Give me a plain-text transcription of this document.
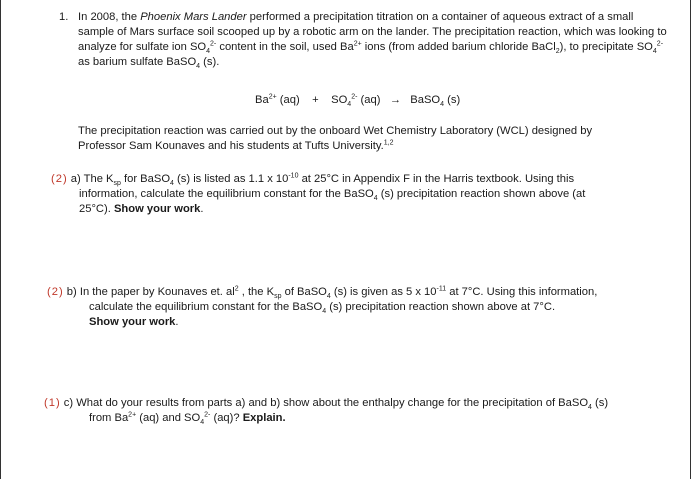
1. In 2008, the Phoenix Mars Lander performed a precipitation titration on a container of aqueous extract of a small sample of Mars surface soil scooped up by a robotic arm on the lander. The precipitation reaction, which was looking to analyze for sulfate ion $SO_4^{2-}$ content in the soil, used $Ba^{2+}$ ions (from added barium chloride BaCl$_2$), to precipitate $SO_4^{2-}$ as barium sulfate BaSO$_4$ (s).
$Ba^{2+}$ $(aq) + SO_4^{2-}$ (aq) → BaSO$_4$ (s)
The precipitation reaction was carried out by the onboard Wet Chemistry Laboratory (WCL) designed by Professor Sam Kounaves and his students at Tufts University.$^{1,2}$
(2) a) The $K_{sp}$ for BaSO$_4$ (s) is listed as 1.1 x $10^{-10}$ at 25°C in Appendix F in the Harris textbook. Using this
information, calculate the equilibrium constant for the BaSO$_4$ (s) precipitation reaction shown above (at
25°C). Show your work.
(2) b) In the paper by Kounaves et. $al^2$ , the $K_{sp}$ of BaSO$_4$ (s) is given as 5 x $10^{-11}$ at 7°C. Using this information,
calculate the equilibrium constant for the BaSO$_4$ (s) precipitation reaction shown above at 7°C.
Show your work.
(1) c) What do your results from parts a) and b) show about the enthalpy change for the precipitation of BaSO$_4$ (s)
from $Ba^{2+}$ (aq) and $SO_4^{2-}$ (aq)? Explain.
